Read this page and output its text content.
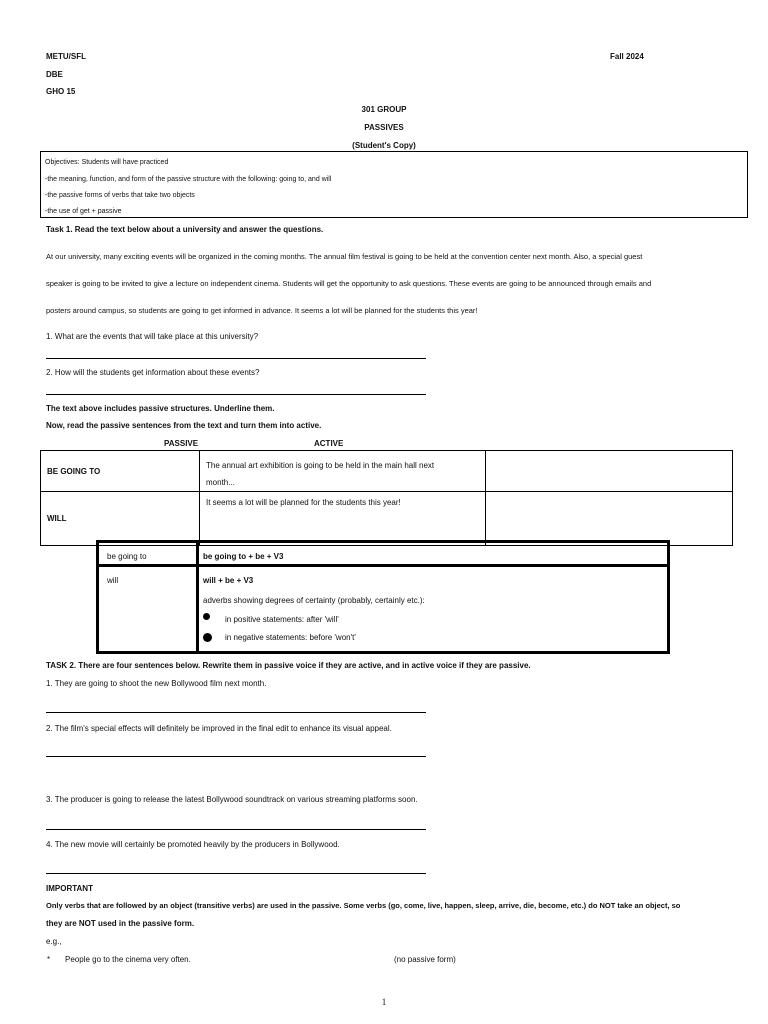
METU/SFL	Fall 2024
DBE
GHO 15
301 GROUP
PASSIVES
(Student's Copy)
Objectives: Students will have practiced
-the meaning, function, and form of the passive structure with the following: going to, and will
-the passive forms of verbs that take two objects
-the use of get + passive
Task 1. Read the text below about a university and answer the questions.
At our university, many exciting events will be organized in the coming months. The annual film festival is going to be held at the convention center next month. Also, a special guest
speaker is going to be invited to give a lecture on independent cinema. Students will get the opportunity to ask questions. These events are going to be announced through emails and
posters around campus, so students are going to get informed in advance. It seems a lot will be planned for the students this year!
1. What are the events that will take place at this university?
2. How will the students get information about these events?
The text above includes passive structures. Underline them.
Now, read the passive sentences from the text and turn them into active.
PASSIVE	ACTIVE
BE GOING TO	The annual art exhibition is going to be held in the main hall next
month...	

WILL	It seems a lot will be planned for the students this year!	

be going to	be going to + be + V3
will	will + be + V3
adverbs showing degrees of certainty (probably, certainly etc.):
in positive statements: after 'will'
in negative statements: before 'won't'
TASK 2. There are four sentences below. Rewrite them in passive voice if they are active, and in active voice if they are passive.
1. They are going to shoot the new Bollywood film next month.
2. The film's special effects will definitely be improved in the final edit to enhance its visual appeal.
3. The producer is going to release the latest Bollywood soundtrack on various streaming platforms soon.
4. The new movie will certainly be promoted heavily by the producers in Bollywood.
IMPORTANT
Only verbs that are followed by an object (transitive verbs) are used in the passive. Some verbs (go, come, live, happen, sleep, arrive, die, become, etc.) do NOT take an object, so
they are NOT used in the passive form.
e.g.,
* People go to the cinema very often.	(no passive form)
1
